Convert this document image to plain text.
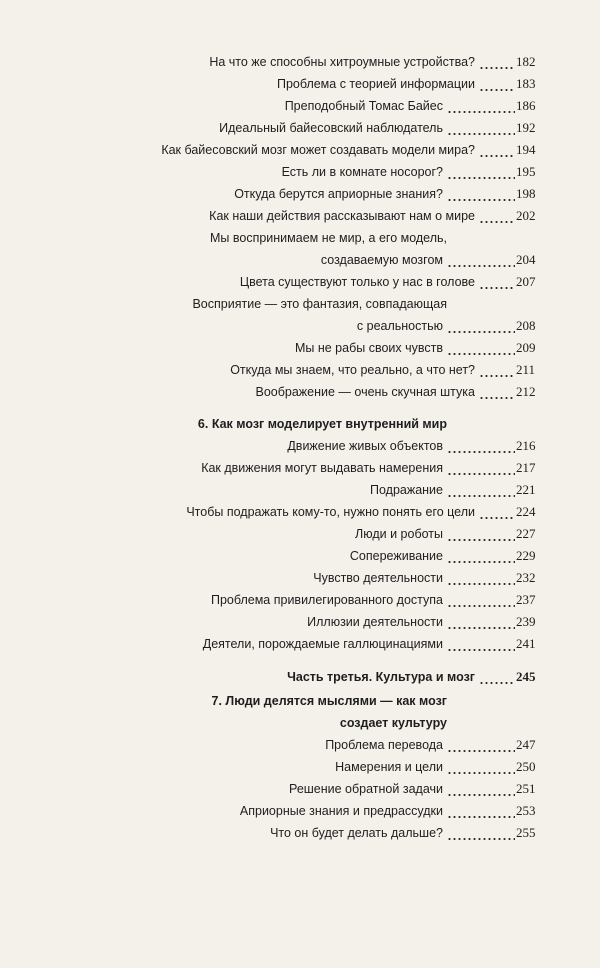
На что же способны хитроумные устройства?	182
Проблема с теорией информации	183
Преподобный Томас Байес	186
Идеальный байесовский наблюдатель	192
Как байесовский мозг может создавать модели мира?	194
Есть ли в комнате носорог?	195
Откуда берутся априорные знания?	198
Как наши действия рассказывают нам о мире	202
Мы воспринимаем не мир, а его модель,
создаваемую мозгом	204
Цвета существуют только у нас в голове	207
Восприятие — это фантазия, совпадающая
с реальностью	208
Мы не рабы своих чувств	209
Откуда мы знаем, что реально, а что нет?	211
Воображение — очень скучная штука	212
6. Как мозг моделирует внутренний мир
Движение живых объектов	216
Как движения могут выдавать намерения	217
Подражание	221
Чтобы подражать кому-то, нужно понять его цели	224
Люди и роботы	227
Сопереживание	229
Чувство деятельности	232
Проблема привилегированного доступа	237
Иллюзии деятельности	239
Деятели, порождаемые галлюцинациями	241
Часть третья. Культура и мозг	245
7. Люди делятся мыслями — как мозг
создает культуру
Проблема перевода	247
Намерения и цели	250
Решение обратной задачи	251
Априорные знания и предрассудки	253
Что он будет делать дальше?	255
